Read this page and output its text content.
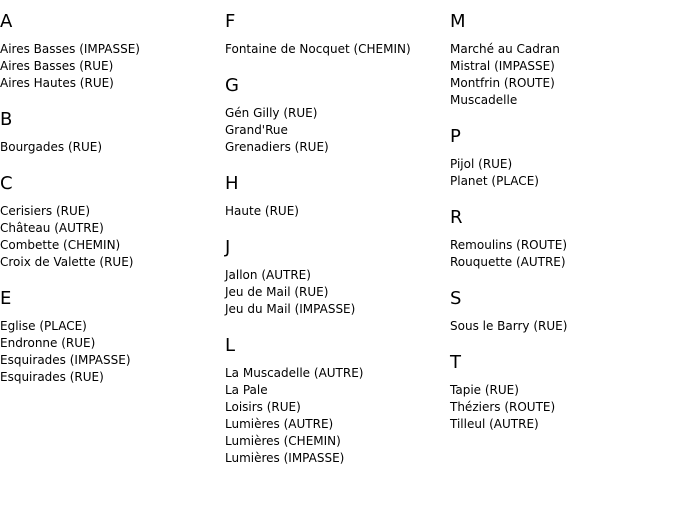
A
Aires Basses (IMPASSE)
Aires Basses (RUE)
Aires Hautes (RUE)
B
Bourgades (RUE)
C
Cerisiers (RUE)
Château (AUTRE)
Combette (CHEMIN)
Croix de Valette (RUE)
E
Eglise (PLACE)
Endronne (RUE)
Esquirades (IMPASSE)
Esquirades (RUE)
F
Fontaine de Nocquet (CHEMIN)
G
Gén Gilly (RUE)
Grand'Rue
Grenadiers (RUE)
H
Haute (RUE)
J
Jallon (AUTRE)
Jeu de Mail (RUE)
Jeu du Mail (IMPASSE)
L
La Muscadelle (AUTRE)
La Pale
Loisirs (RUE)
Lumières (AUTRE)
Lumières (CHEMIN)
Lumières (IMPASSE)
M
Marché au Cadran
Mistral (IMPASSE)
Montfrin (ROUTE)
Muscadelle
P
Pijol (RUE)
Planet (PLACE)
R
Remoulins (ROUTE)
Rouquette (AUTRE)
S
Sous le Barry (RUE)
T
Tapie (RUE)
Théziers (ROUTE)
Tilleul (AUTRE)
